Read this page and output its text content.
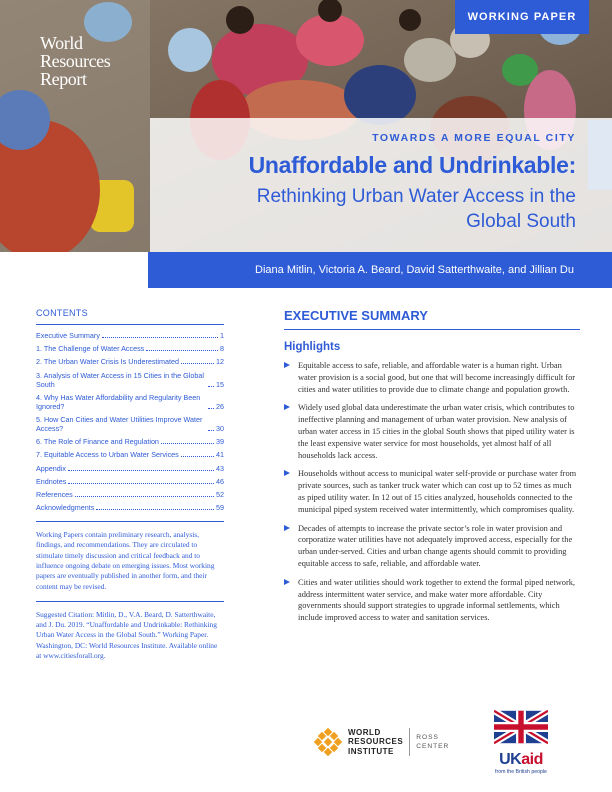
World
Resources
Report
WORKING PAPER
TOWARDS A MORE EQUAL CITY
Unaffordable and Undrinkable:
Rethinking Urban Water Access in the Global South
Diana Mitlin, Victoria A. Beard, David Satterthwaite, and Jillian Du
CONTENTS
Executive Summary	1
1. The Challenge of Water Access	8
2. The Urban Water Crisis Is Underestimated	12
3. Analysis of Water Access in 15 Cities in the Global South	15
4. Why Has Water Affordability and Regularity Been Ignored?	26
5. How Can Cities and Water Utilities Improve Water Access?	30
6. The Role of Finance and Regulation	39
7. Equitable Access to Urban Water Services	41
Appendix	43
Endnotes	46
References	52
Acknowledgments	59

Working Papers contain preliminary research, analysis, findings, and recommendations. They are circulated to stimulate timely discussion and critical feedback and to influence ongoing debate on emerging issues. Most working papers are eventually published in another form, and their content may be revised.

Suggested Citation: Mitlin, D., V.A. Beard, D. Satterthwaite, and J. Du. 2019. “Unaffordable and Undrinkable: Rethinking Urban Water Access in the Global South.” Working Paper. Washington, DC: World Resources Institute. Available online at www.citiesforall.org.

EXECUTIVE SUMMARY
Highlights
Equitable access to safe, reliable, and affordable water is a human right. Urban water provision is a social good, but one that will become increasingly difficult for cities and water utilities to provide due to climate change and population growth.
Widely used global data underestimate the urban water crisis, which contributes to ineffective planning and management of urban water provision. New analysis of urban water access in 15 cities in the global South shows that piped utility water is the least expensive water service for most households, yet almost half of all households lack access.
Households without access to municipal water self-provide or purchase water from private sources, such as tanker truck water which can cost up to 52 times as much as piped utility water. In 12 out of 15 cities analyzed, households connected to the municipal piped system received water intermittently, which compromises quality.
Decades of attempts to increase the private sector’s role in water provision and corporatize water utilities have not adequately improved access, especially for the urban under-served. Cities and urban change agents should commit to providing equitable access to safe, reliable, and affordable water.
Cities and water utilities should work together to extend the formal piped network, address intermittent water service, and make water more affordable. City governments should support strategies to upgrade informal settlements, which include improved access to water and sanitation services.
WORLD
RESOURCES
INSTITUTE
ROSS
CENTER
UKaid
from the British people
